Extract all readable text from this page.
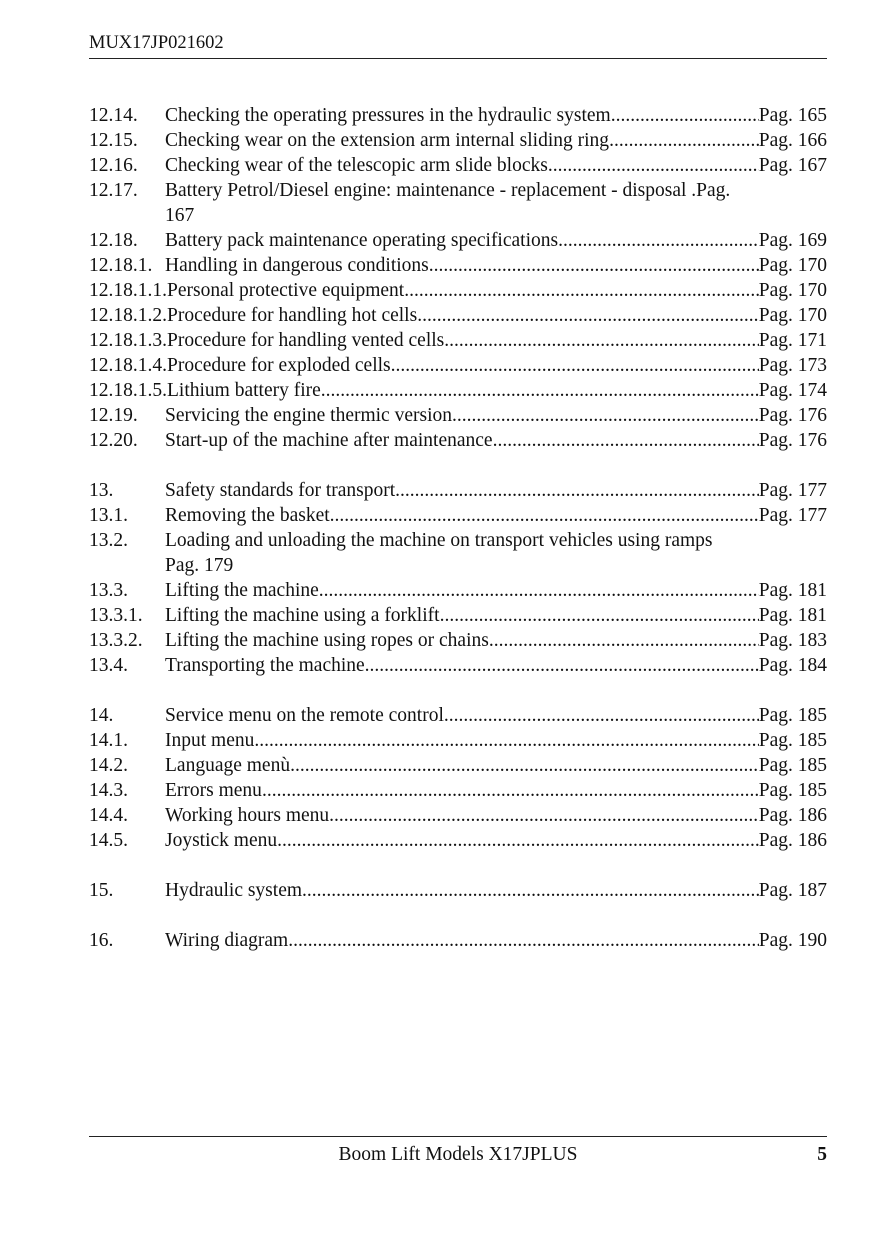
MUX17JP021602
12.14.	Checking the operating pressures in the hydraulic system .....	Pag. 165
12.15.	Checking wear on the extension arm internal sliding ring .....	Pag. 166
12.16.	Checking wear of the telescopic arm slide blocks .....	Pag. 167
12.17.	Battery Petrol/Diesel engine: maintenance - replacement - disposal .Pag.
167
12.18.	Battery pack maintenance operating specifications .....	Pag. 169
12.18.1. Handling in dangerous conditions .....	Pag. 170
12.18.1.1. Personal protective equipment .....	Pag. 170
12.18.1.2. Procedure for handling hot cells .....	Pag. 170
12.18.1.3. Procedure for handling vented cells .....	Pag. 171
12.18.1.4. Procedure for exploded cells .....	Pag. 173
12.18.1.5. Lithium battery fire .....	Pag. 174
12.19.	Servicing the engine thermic version .....	Pag. 176
12.20.	Start-up of the machine after maintenance .....	Pag. 176
13.	Safety standards for transport .....	Pag. 177
13.1.	Removing the basket .....	Pag. 177
13.2.	Loading and unloading the machine on transport vehicles using ramps
Pag. 179
13.3.	Lifting the machine .....	Pag. 181
13.3.1.	Lifting the machine using a forklift .....	Pag. 181
13.3.2.	Lifting the machine using ropes or chains .....	Pag. 183
13.4.	Transporting the machine .....	Pag. 184
14.	Service menu on the remote control .....	Pag. 185
14.1.	Input menu .....	Pag. 185
14.2.	Language menù .....	Pag. 185
14.3.	Errors menu .....	Pag. 185
14.4.	Working hours menu .....	Pag. 186
14.5.	Joystick menu .....	Pag. 186
15.	Hydraulic system .....	Pag. 187
16.	Wiring diagram .....	Pag. 190
Boom Lift Models X17JPLUS	5
